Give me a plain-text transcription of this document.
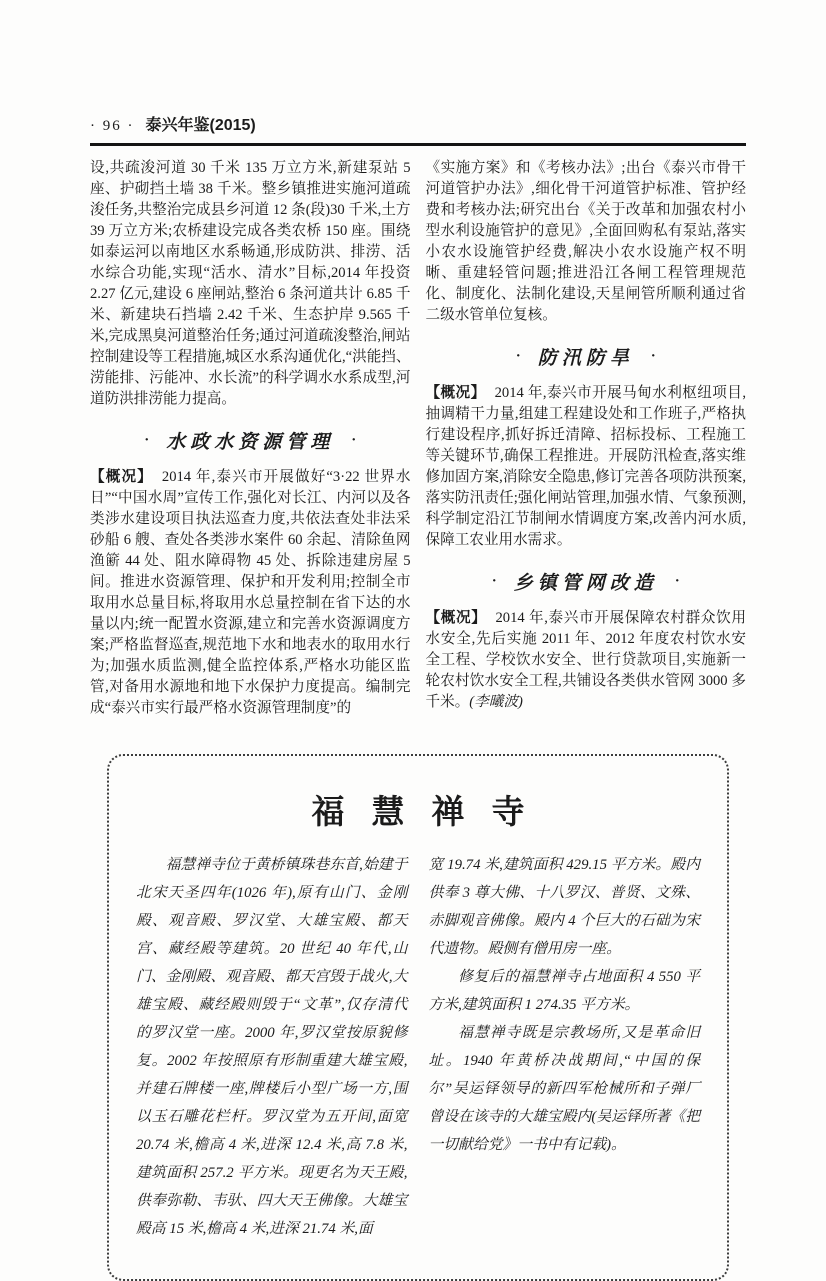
· 96 · 泰兴年鉴(2015)

设,共疏浚河道 30 千米 135 万立方米,新建泵站 5 座、护砌挡土墙 38 千米。整乡镇推进实施河道疏浚任务,共整治完成县乡河道 12 条(段)30 千米,土方 39 万立方米;农桥建设完成各类农桥 150 座。围绕如泰运河以南地区水系畅通,形成防洪、排涝、活水综合功能,实现“活水、清水”目标,2014 年投资 2.27 亿元,建设 6 座闸站,整治 6 条河道共计 6.85 千米、新建块石挡墙 2.42 千米、生态护岸 9.565 千米,完成黑臭河道整治任务;通过河道疏浚整治,闸站控制建设等工程措施,城区水系沟通优化,“洪能挡、涝能排、污能冲、水长流”的科学调水水系成型,河道防洪排涝能力提高。

· 水政水资源管理 ·

【概况】 2014 年,泰兴市开展做好“3·22 世界水日”“中国水周”宣传工作,强化对长江、内河以及各类涉水建设项目执法巡查力度,共依法查处非法采砂船 6 艘、查处各类涉水案件 60 余起、清除鱼网渔簖 44 处、阻水障碍物 45 处、拆除违建房屋 5 间。推进水资源管理、保护和开发利用;控制全市取用水总量目标,将取用水总量控制在省下达的水量以内;统一配置水资源,建立和完善水资源调度方案;严格监督巡查,规范地下水和地表水的取用水行为;加强水质监测,健全监控体系,严格水功能区监管,对备用水源地和地下水保护力度提高。编制完成“泰兴市实行最严格水资源管理制度”的

《实施方案》和《考核办法》;出台《泰兴市骨干河道管护办法》,细化骨干河道管护标准、管护经费和考核办法;研究出台《关于改革和加强农村小型水利设施管护的意见》,全面回购私有泵站,落实小农水设施管护经费,解决小农水设施产权不明晰、重建轻管问题;推进沿江各闸工程管理规范化、制度化、法制化建设,天星闸管所顺利通过省二级水管单位复核。

· 防汛防旱 ·

【概况】 2014 年,泰兴市开展马甸水利枢纽项目,抽调精干力量,组建工程建设处和工作班子,严格执行建设程序,抓好拆迁清障、招标投标、工程施工等关键环节,确保工程推进。开展防汛检查,落实维修加固方案,消除安全隐患,修订完善各项防洪预案,落实防汛责任;强化闸站管理,加强水情、气象预测,科学制定沿江节制闸水情调度方案,改善内河水质,保障工农业用水需求。

· 乡镇管网改造 ·

【概况】 2014 年,泰兴市开展保障农村群众饮用水安全,先后实施 2011 年、2012 年度农村饮水安全工程、学校饮水安全、世行贷款项目,实施新一轮农村饮水安全工程,共铺设各类供水管网 3000 多千米。(李曦波)

福慧禅寺

福慧禅寺位于黄桥镇珠巷东首,始建于北宋天圣四年(1026 年),原有山门、金刚殿、观音殿、罗汉堂、大雄宝殿、都天宫、藏经殿等建筑。20 世纪 40 年代,山门、金刚殿、观音殿、都天宫毁于战火,大雄宝殿、藏经殿则毁于“文革”,仅存清代的罗汉堂一座。2000 年,罗汉堂按原貌修复。2002 年按照原有形制重建大雄宝殿,并建石牌楼一座,牌楼后小型广场一方,围以玉石雕花栏杆。罗汉堂为五开间,面宽 20.74 米,檐高 4 米,进深 12.4 米,高 7.8 米,建筑面积 257.2 平方米。现更名为天王殿,供奉弥勒、韦驮、四大天王佛像。大雄宝殿高 15 米,檐高 4 米,进深 21.74 米,面

宽 19.74 米,建筑面积 429.15 平方米。殿内供奉 3 尊大佛、十八罗汉、普贤、文殊、赤脚观音佛像。殿内 4 个巨大的石础为宋代遗物。殿侧有僧用房一座。

修复后的福慧禅寺占地面积 4 550 平方米,建筑面积 1 274.35 平方米。

福慧禅寺既是宗教场所,又是革命旧址。1940 年黄桥决战期间,“中国的保尔”吴运铎领导的新四军枪械所和子弹厂曾设在该寺的大雄宝殿内(吴运铎所著《把一切献给党》一书中有记载)。
